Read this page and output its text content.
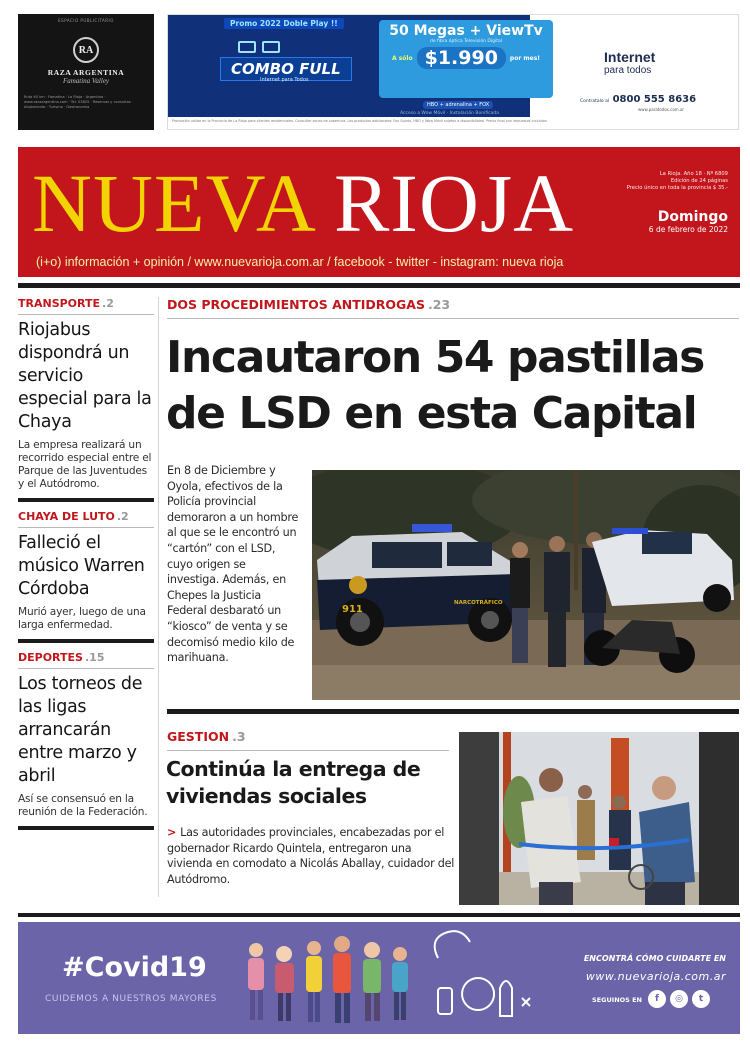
ESPACIO PUBLICITARIO
RA
RAZA ARGENTINA
Famatina Valley
Ruta 40 km · Famatina · La Rioja · Argentina · www.razaargentina.com · Tel. 03825 · Reservas y consultas · Alojamiento · Turismo · Gastronomía
Promo 2022 Doble Play !!
COMBO FULL
Internet para Todos
50 Megas + ViewTv
de fibra óptica Televisión Digital
A sólo $1.990	por mes!
HBO + adrenalina + FOX
Acceso a Wow Móvil · Instalación Bonificada
Internet
para todos
Contratalo al 0800 555 8636
www.paratodos.com.ar
Promoción válida en la Provincia de La Rioja para clientes residenciales. Consultar zonas de cobertura. Los productos adicionales: Fox Sports, HBO y Wow Móvil sujetos a disponibilidad. Precio final con impuestos incluidos.
NUEVA RIOJA	La Rioja. Año 18 · Nº 6809
Edición de 24 páginas
Precio único en toda la provincia $ 35.-
Domingo
6 de febrero de 2022
(i+o) información + opinión / www.nuevarioja.com.ar / facebook - twitter - instagram: nueva rioja
TRANSPORTE .2
Riojabus dispondrá un servicio especial para la Chaya
La empresa realizará un recorrido especial entre el Parque de las Juventudes y el Autódromo.
CHAYA DE LUTO .2
Falleció el músico Warren Córdoba
Murió ayer, luego de una larga enfermedad.
DEPORTES .15
Los torneos de las ligas arrancarán entre marzo y abril
Así se consensuó en la reunión de la Federación.
DOS PROCEDIMIENTOS ANTIDROGAS .23
Incautaron 54 pastillas de LSD en esta Capital
En 8 de Diciembre y Oyola, efectivos de la Policía provincial demoraron a un hombre al que se le encontró un “cartón” con el LSD, cuyo origen se investiga. Además, en Chepes la Justicia Federal desbarató un “kiosco” de venta y se decomisó medio kilo de marihuana.
911
NARCOTRÁFICO
GESTION .3
Continúa la entrega de viviendas sociales
> Las autoridades provinciales, encabezadas por el gobernador Ricardo Quintela, entregaron una vivienda en comodato a Nicolás Aballay, cuidador del Autódromo.
#Covid19
CUIDEMOS A NUESTROS MAYORES
ENCONTRÁ CÓMO CUIDARTE EN
www.nuevarioja.com.ar
SEGUINOS EN	f	◎	t
